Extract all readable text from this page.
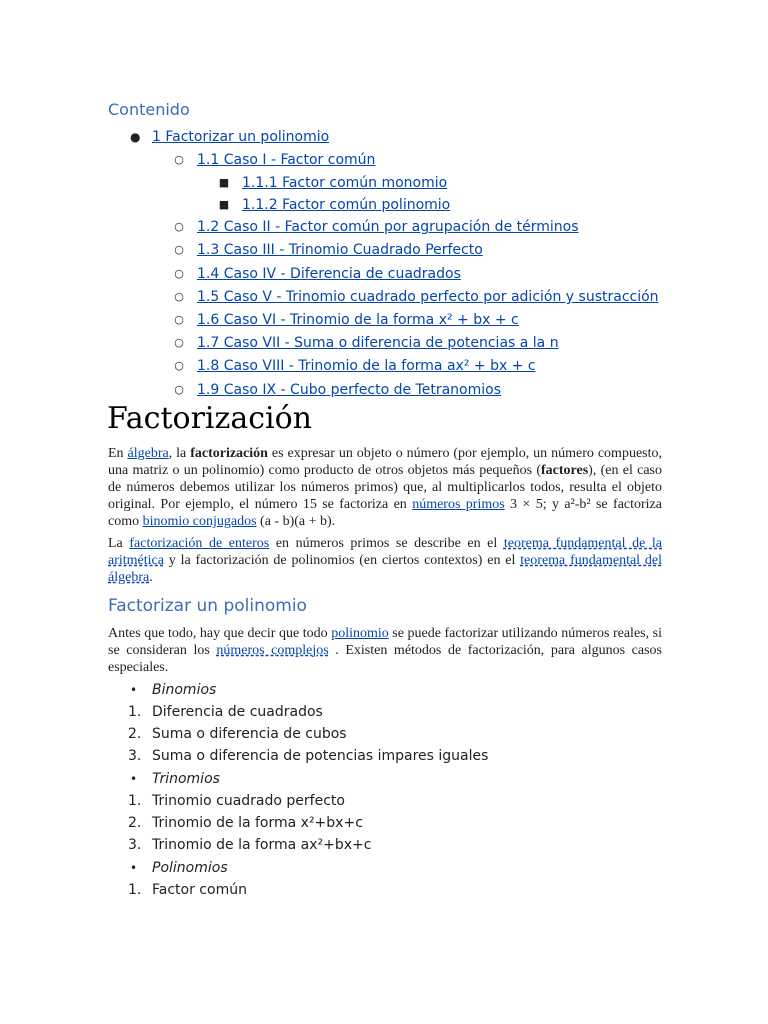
Contenido
● 1 Factorizar un polinomio
○ 1.1 Caso I - Factor común
■ 1.1.1 Factor común monomio
■ 1.1.2 Factor común polinomio
○ 1.2 Caso II - Factor común por agrupación de términos
○ 1.3 Caso III - Trinomio Cuadrado Perfecto
○ 1.4 Caso IV - Diferencia de cuadrados
○ 1.5 Caso V - Trinomio cuadrado perfecto por adición y sustracción
○ 1.6 Caso VI - Trinomio de la forma x² + bx + c
○ 1.7 Caso VII - Suma o diferencia de potencias a la n
○ 1.8 Caso VIII - Trinomio de la forma ax² + bx + c
○ 1.9 Caso IX - Cubo perfecto de Tetranomios
Factorización

En álgebra, la factorización es expresar un objeto o número (por ejemplo, un número compuesto, una matriz o un polinomio) como producto de otros objetos más pequeños (factores), (en el caso de números debemos utilizar los números primos) que, al multiplicarlos todos, resulta el objeto original. Por ejemplo, el número 15 se factoriza en números primos 3 × 5; y a²-b² se factoriza como binomio conjugados (a - b)(a + b).

La factorización de enteros en números primos se describe en el teorema fundamental de la aritmética y la factorización de polinomios (en ciertos contextos) en el teorema fundamental del álgebra.

Factorizar un polinomio

Antes que todo, hay que decir que todo polinomio se puede factorizar utilizando números reales, si se consideran los números complejos . Existen métodos de factorización, para algunos casos especiales.

•	Binomios
1. Diferencia de cuadrados
2. Suma o diferencia de cubos
3. Suma o diferencia de potencias impares iguales
•	Trinomios
1. Trinomio cuadrado perfecto
2. Trinomio de la forma x²+bx+c
3. Trinomio de la forma ax²+bx+c
•	Polinomios
1. Factor común
